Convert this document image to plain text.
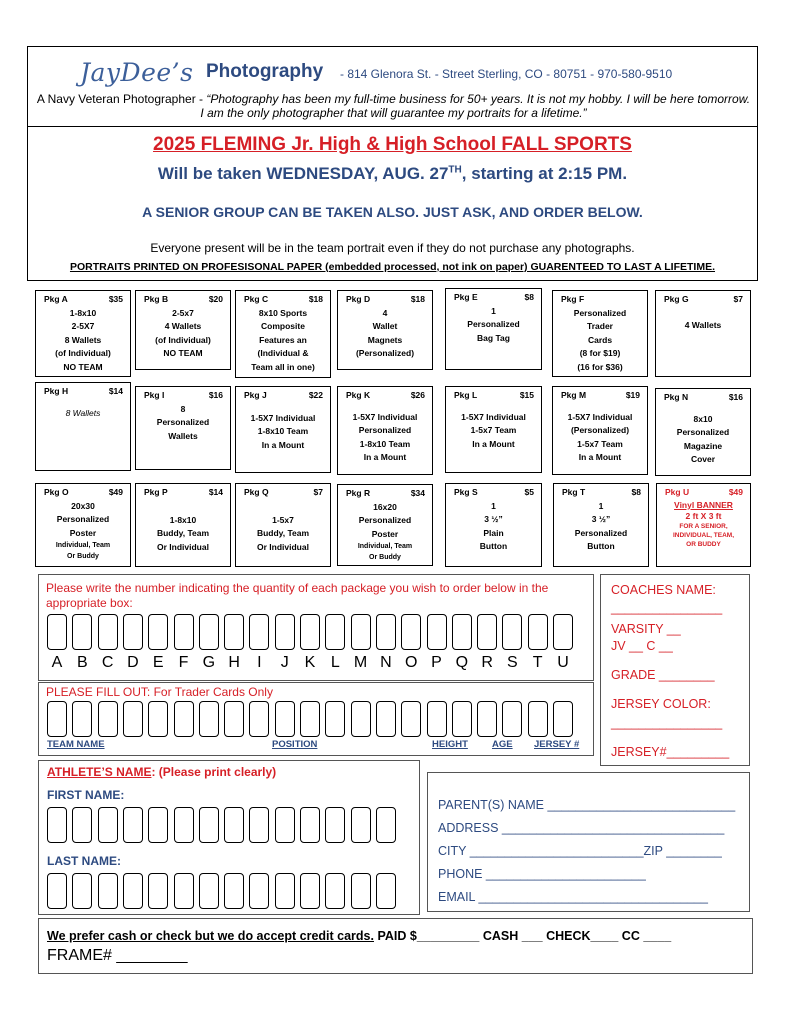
JayDee’s Photography - 814 Glenora St. - Street Sterling, CO - 80751 - 970-580-9510
A Navy Veteran Photographer - “Photography has been my full-time business for 50+ years. It is not my hobby. I will be here tomorrow. I am the only photographer that will guarantee my portraits for a lifetime.”
2025 FLEMING Jr. High & High School FALL SPORTS
Will be taken WEDNESDAY, AUG. 27TH, starting at 2:15 PM.
A SENIOR GROUP CAN BE TAKEN ALSO. JUST ASK, AND ORDER BELOW.
Everyone present will be in the team portrait even if they do not purchase any photographs.
PORTRAITS PRINTED ON PROFESISONAL PAPER (embedded processed, not ink on paper) GUARENTEED TO LAST A LIFETIME.
Pkg A	$35
1-8x10
2-5X7
8 Wallets
(of Individual)
NO TEAM
Pkg B	$20
2-5x7
4 Wallets
(of Individual)
NO TEAM
Pkg C	$18
8x10 Sports
Composite
Features an
(Individual &
Team all in one)
Pkg D	$18
4
Wallet
Magnets
(Personalized)
Pkg E	$8
1
Personalized
Bag Tag
Pkg F
Personalized
Trader
Cards
(8 for $19)
(16 for $36)
Pkg G	$7
4 Wallets
Pkg H	$14
8 Wallets
Pkg I	$16
8
Personalized
Wallets
Pkg J	$22
1-5X7 Individual
1-8x10 Team
In a Mount
Pkg K	$26
1-5X7 Individual
Personalized
1-8x10 Team
In a Mount
Pkg L	$15
1-5X7 Individual
1-5x7 Team
In a Mount
Pkg M	$19
1-5X7 Individual
(Personalized)
1-5x7 Team
In a Mount
Pkg N	$16
8x10
Personalized
Magazine
Cover
Pkg O	$49
20x30
Personalized
Poster
Individual, Team
Or Buddy
Pkg P	$14
1-8x10
Buddy, Team
Or Individual
Pkg Q	$7
1-5x7
Buddy, Team
Or Individual
Pkg R	$34
16x20
Personalized
Poster
Individual, Team
Or Buddy
Pkg S	$5
1
3 ½”
Plain
Button
Pkg T	$8
1
3 ½”
Personalized
Button
Pkg U	$49
Vinyl BANNER
2 ft X 3 ft
FOR A SENIOR,
INDIVIDUAL, TEAM,
OR BUDDY
Please write the number indicating the quantity of each package you wish to order below in the appropriate box:
A B C D E F G H	I	J K L M N O P Q R S T U
PLEASE FILL OUT: For Trader Cards Only
TEAM NAME	POSITION	HEIGHT	AGE JERSEY #
COACHES NAME:
________________
VARSITY __
JV __ C __
GRADE ________
JERSEY COLOR:
________________
JERSEY#_________
ATHLETE’S NAME: (Please print clearly)
FIRST NAME:
LAST NAME:
PARENT(S) NAME ___________________________
ADDRESS ________________________________
CITY _________________________ZIP ________
PHONE _______________________
EMAIL _________________________________
We prefer cash or check but we do accept credit cards. PAID $_________ CASH ___ CHECK____ CC ____
FRAME# ________
